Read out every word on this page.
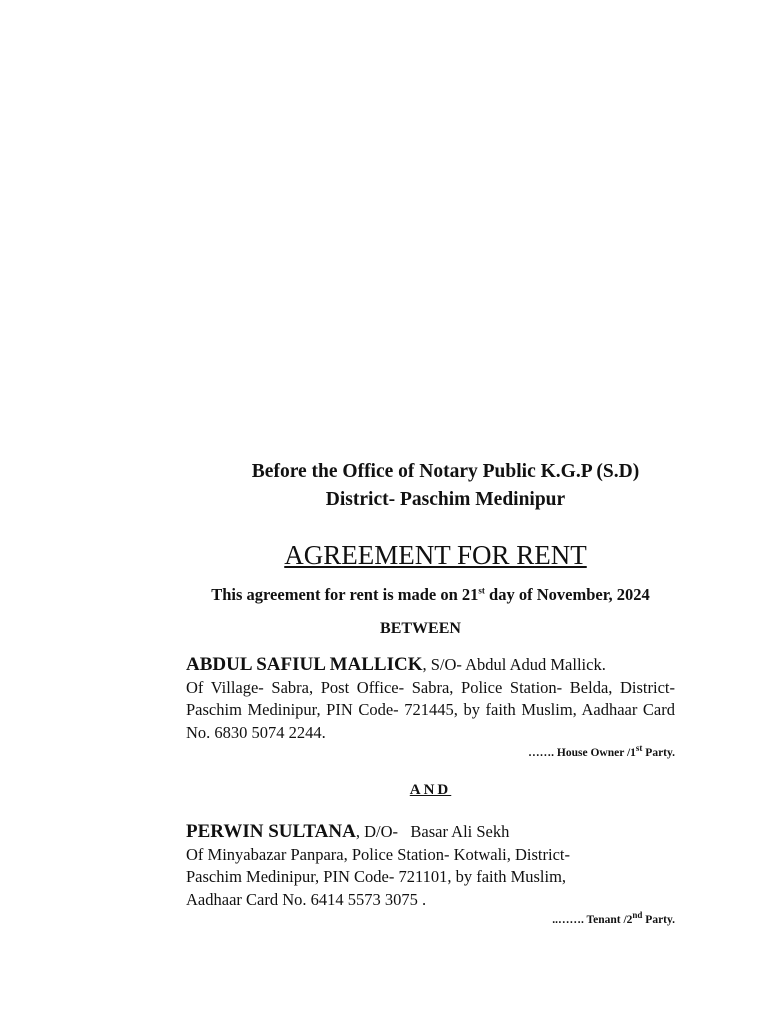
Before the Office of Notary Public K.G.P (S.D)
District- Paschim Medinipur
AGREEMENT FOR RENT
This agreement for rent is made on 21st day of November, 2024
BETWEEN
ABDUL SAFIUL MALLICK, S/O- Abdul Adud Mallick.
Of Village- Sabra, Post Office- Sabra, Police Station- Belda, District- Paschim Medinipur, PIN Code- 721445, by faith Muslim, Aadhaar Card No. 6830 5074 2244.
……. House Owner /1st Party.
AND
PERWIN SULTANA, D/O-   Basar Ali Sekh
Of Minyabazar Panpara, Police Station- Kotwali, District-
Paschim Medinipur, PIN Code- 721101, by faith Muslim,
Aadhaar Card No. 6414 5573 3075 .
..……. Tenant /2nd Party.
